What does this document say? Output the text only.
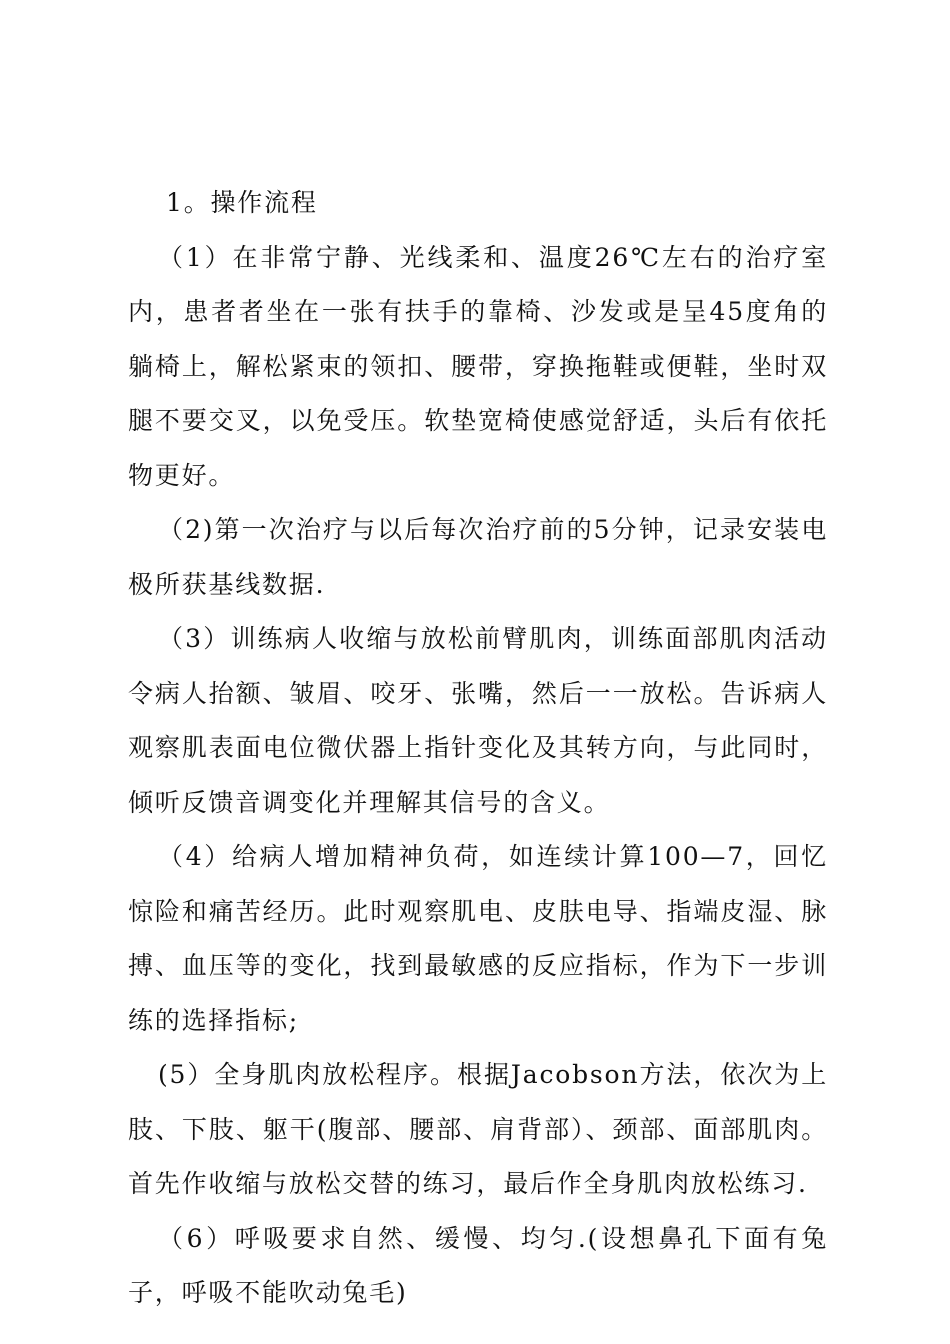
1。操作流程

（1）在非常宁静、光线柔和、温度26℃左右的治疗室内，患者者坐在一张有扶手的靠椅、沙发或是呈45度角的躺椅上，解松紧束的领扣、腰带，穿换拖鞋或便鞋，坐时双腿不要交叉，以免受压。软垫宽椅使感觉舒适，头后有依托物更好。

（2)第一次治疗与以后每次治疗前的5分钟，记录安装电极所获基线数据.

（3）训练病人收缩与放松前臂肌肉，训练面部肌肉活动令病人抬额、皱眉、咬牙、张嘴，然后一一放松。告诉病人观察肌表面电位微伏器上指针变化及其转方向，与此同时，倾听反馈音调变化并理解其信号的含义。

（4）给病人增加精神负荷，如连续计算100—7，回忆惊险和痛苦经历。此时观察肌电、皮肤电导、指端皮湿、脉搏、血压等的变化，找到最敏感的反应指标，作为下一步训练的选择指标;

(5）全身肌肉放松程序。根据Jacobson方法，依次为上 肢、下肢、躯干(腹部、腰部、肩背部）、颈部、面部肌肉。首先作收缩与放松交替的练习，最后作全身肌肉放松练习.

（6）呼吸要求自然、缓慢、均匀.(设想鼻孔下面有兔子，呼吸不能吹动兔毛)
